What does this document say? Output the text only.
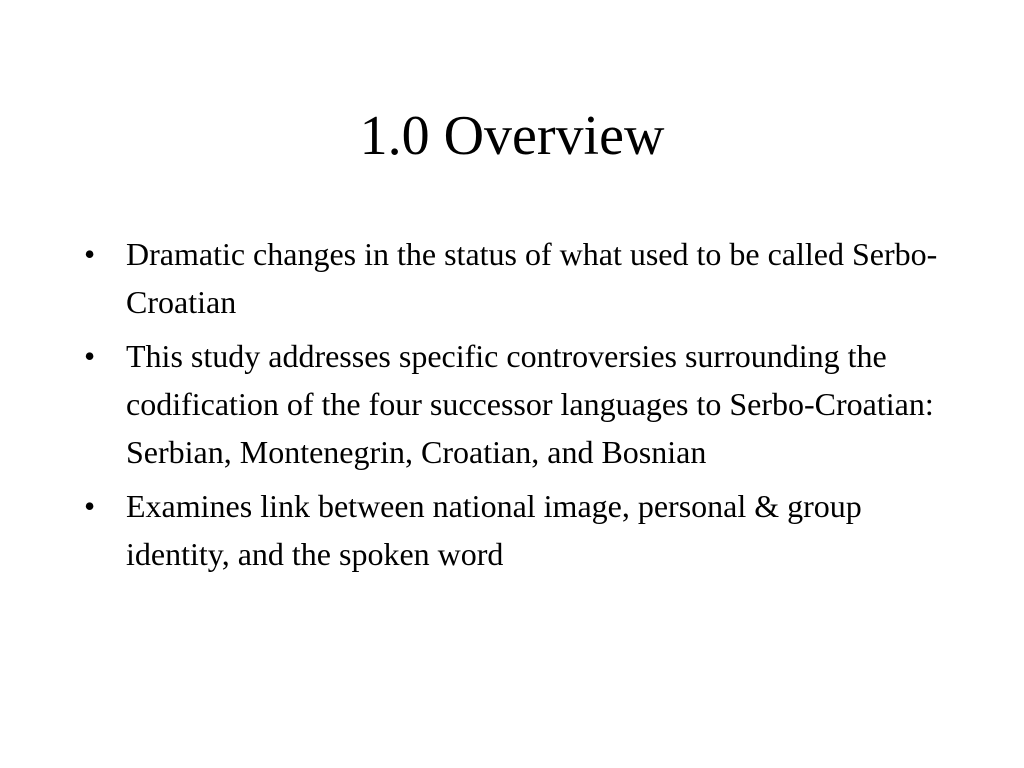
1.0 Overview
• Dramatic changes in the status of what used to be called Serbo-Croatian
• This study addresses specific controversies surrounding the codification of the four successor languages to Serbo-Croatian: Serbian, Montenegrin, Croatian, and Bosnian
• Examines link between national image, personal & group identity, and the spoken word
